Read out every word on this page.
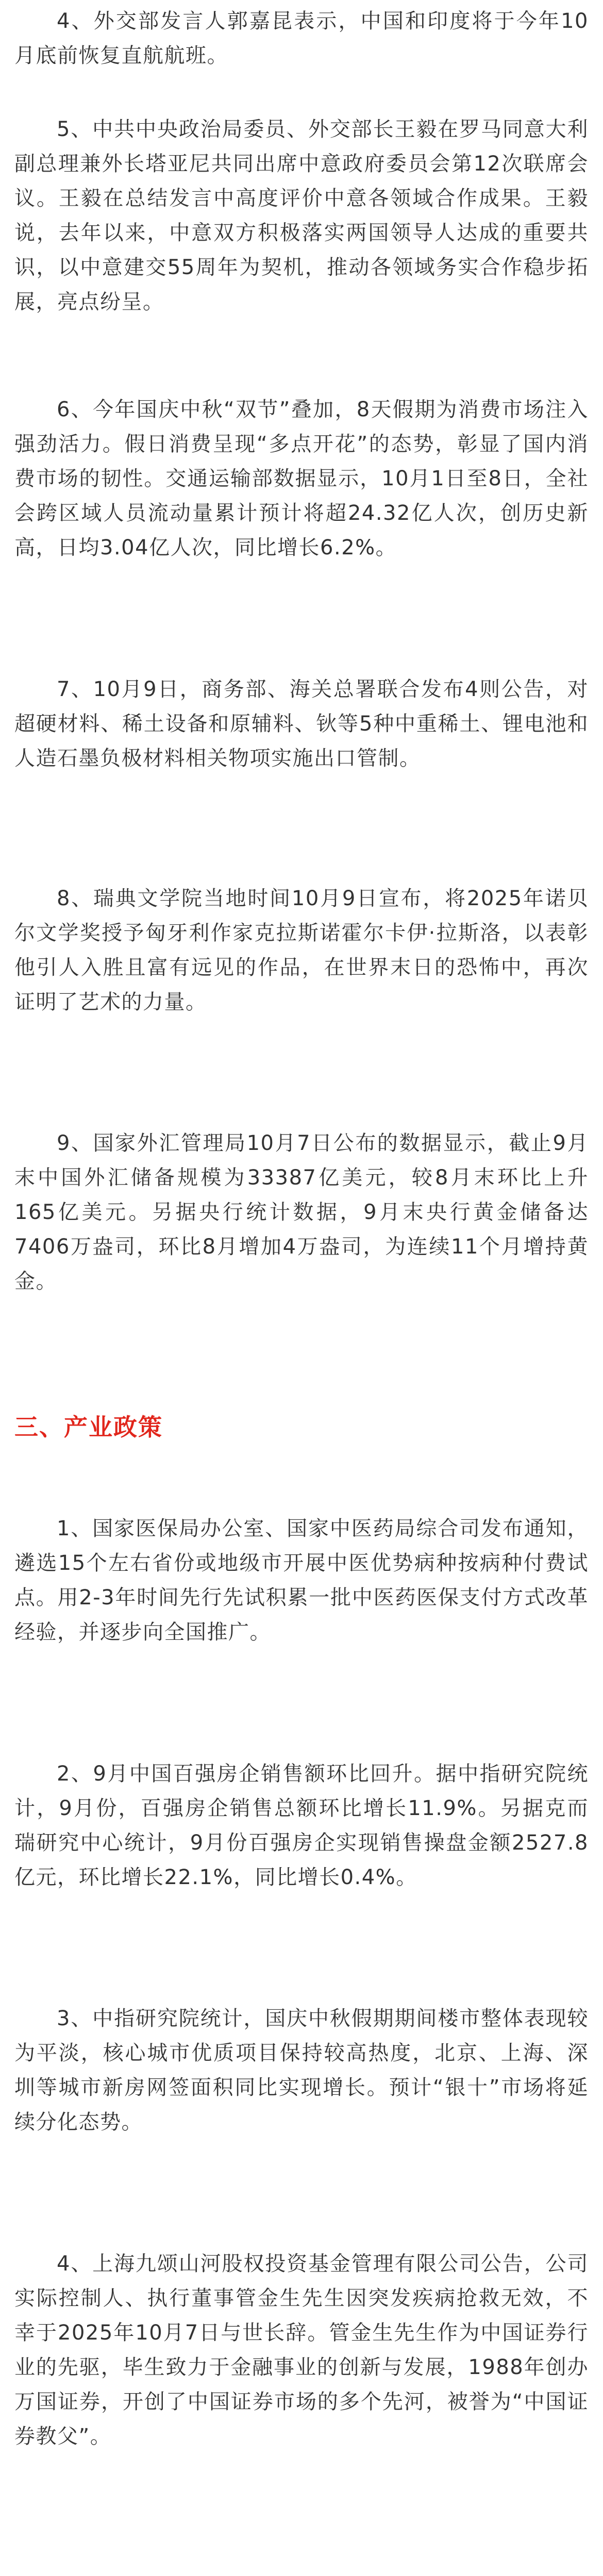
4、外交部发言人郭嘉昆表示，中国和印度将于今年10月底前恢复直航航班。

5、中共中央政治局委员、外交部长王毅在罗马同意大利副总理兼外长塔亚尼共同出席中意政府委员会第12次联席会议。王毅在总结发言中高度评价中意各领域合作成果。王毅说，去年以来，中意双方积极落实两国领导人达成的重要共识，以中意建交55周年为契机，推动各领域务实合作稳步拓展，亮点纷呈。

6、今年国庆中秋“双节”叠加，8天假期为消费市场注入强劲活力。假日消费呈现“多点开花”的态势，彰显了国内消费市场的韧性。交通运输部数据显示，10月1日至8日，全社会跨区域人员流动量累计预计将超24.32亿人次，创历史新高，日均3.04亿人次，同比增长6.2%。

7、10月9日，商务部、海关总署联合发布4则公告，对超硬材料、稀土设备和原辅料、钬等5种中重稀土、锂电池和人造石墨负极材料相关物项实施出口管制。

8、瑞典文学院当地时间10月9日宣布，将2025年诺贝尔文学奖授予匈牙利作家克拉斯诺霍尔卡伊·拉斯洛，以表彰他引人入胜且富有远见的作品，在世界末日的恐怖中，再次证明了艺术的力量。

9、国家外汇管理局10月7日公布的数据显示，截止9月末中国外汇储备规模为33387亿美元，较8月末环比上升165亿美元。另据央行统计数据，9月末央行黄金储备达7406万盎司，环比8月增加4万盎司，为连续11个月增持黄金。

三、产业政策

1、国家医保局办公室、国家中医药局综合司发布通知，遴选15个左右省份或地级市开展中医优势病种按病种付费试点。用2-3年时间先行先试积累一批中医药医保支付方式改革经验，并逐步向全国推广。

2、9月中国百强房企销售额环比回升。据中指研究院统计，9月份，百强房企销售总额环比增长11.9%。另据克而瑞研究中心统计，9月份百强房企实现销售操盘金额2527.8亿元，环比增长22.1%，同比增长0.4%。

3、中指研究院统计，国庆中秋假期期间楼市整体表现较为平淡，核心城市优质项目保持较高热度，北京、上海、深圳等城市新房网签面积同比实现增长。预计“银十”市场将延续分化态势。

4、上海九颂山河股权投资基金管理有限公司公告，公司实际控制人、执行董事管金生先生因突发疾病抢救无效，不幸于2025年10月7日与世长辞。管金生先生作为中国证券行业的先驱，毕生致力于金融事业的创新与发展，1988年创办万国证券，开创了中国证券市场的多个先河，被誉为“中国证券教父”。
